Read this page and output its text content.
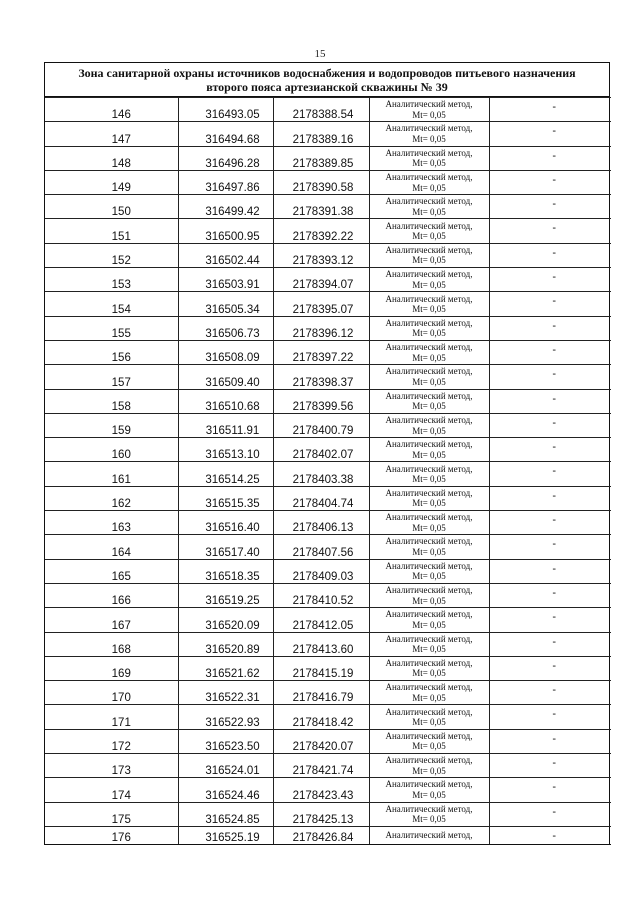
15
Зона санитарной охраны источников водоснабжения и водопроводов питьевого назначения
второго пояса артезианской скважины № 39
146	316493.05	2178388.54	Аналитический метод,
Mt= 0,05	-
147	316494.68	2178389.16	Аналитический метод,
Mt= 0,05	-
148	316496.28	2178389.85	Аналитический метод,
Mt= 0,05	-
149	316497.86	2178390.58	Аналитический метод,
Mt= 0,05	-
150	316499.42	2178391.38	Аналитический метод,
Mt= 0,05	-
151	316500.95	2178392.22	Аналитический метод,
Mt= 0,05	-
152	316502.44	2178393.12	Аналитический метод,
Mt= 0,05	-
153	316503.91	2178394.07	Аналитический метод,
Mt= 0,05	-
154	316505.34	2178395.07	Аналитический метод,
Mt= 0,05	-
155	316506.73	2178396.12	Аналитический метод,
Mt= 0,05	-
156	316508.09	2178397.22	Аналитический метод,
Mt= 0,05	-
157	316509.40	2178398.37	Аналитический метод,
Mt= 0,05	-
158	316510.68	2178399.56	Аналитический метод,
Mt= 0,05	-
159	316511.91	2178400.79	Аналитический метод,
Mt= 0,05	-
160	316513.10	2178402.07	Аналитический метод,
Mt= 0,05	-
161	316514.25	2178403.38	Аналитический метод,
Mt= 0,05	-
162	316515.35	2178404.74	Аналитический метод,
Mt= 0,05	-
163	316516.40	2178406.13	Аналитический метод,
Mt= 0,05	-
164	316517.40	2178407.56	Аналитический метод,
Mt= 0,05	-
165	316518.35	2178409.03	Аналитический метод,
Mt= 0,05	-
166	316519.25	2178410.52	Аналитический метод,
Mt= 0,05	-
167	316520.09	2178412.05	Аналитический метод,
Mt= 0,05	-
168	316520.89	2178413.60	Аналитический метод,
Mt= 0,05	-
169	316521.62	2178415.19	Аналитический метод,
Mt= 0,05	-
170	316522.31	2178416.79	Аналитический метод,
Mt= 0,05	-
171	316522.93	2178418.42	Аналитический метод,
Mt= 0,05	-
172	316523.50	2178420.07	Аналитический метод,
Mt= 0,05	-
173	316524.01	2178421.74	Аналитический метод,
Mt= 0,05	-
174	316524.46	2178423.43	Аналитический метод,
Mt= 0,05	-
175	316524.85	2178425.13	Аналитический метод,
Mt= 0,05	-
176	316525.19	2178426.84	Аналитический метод,	-
